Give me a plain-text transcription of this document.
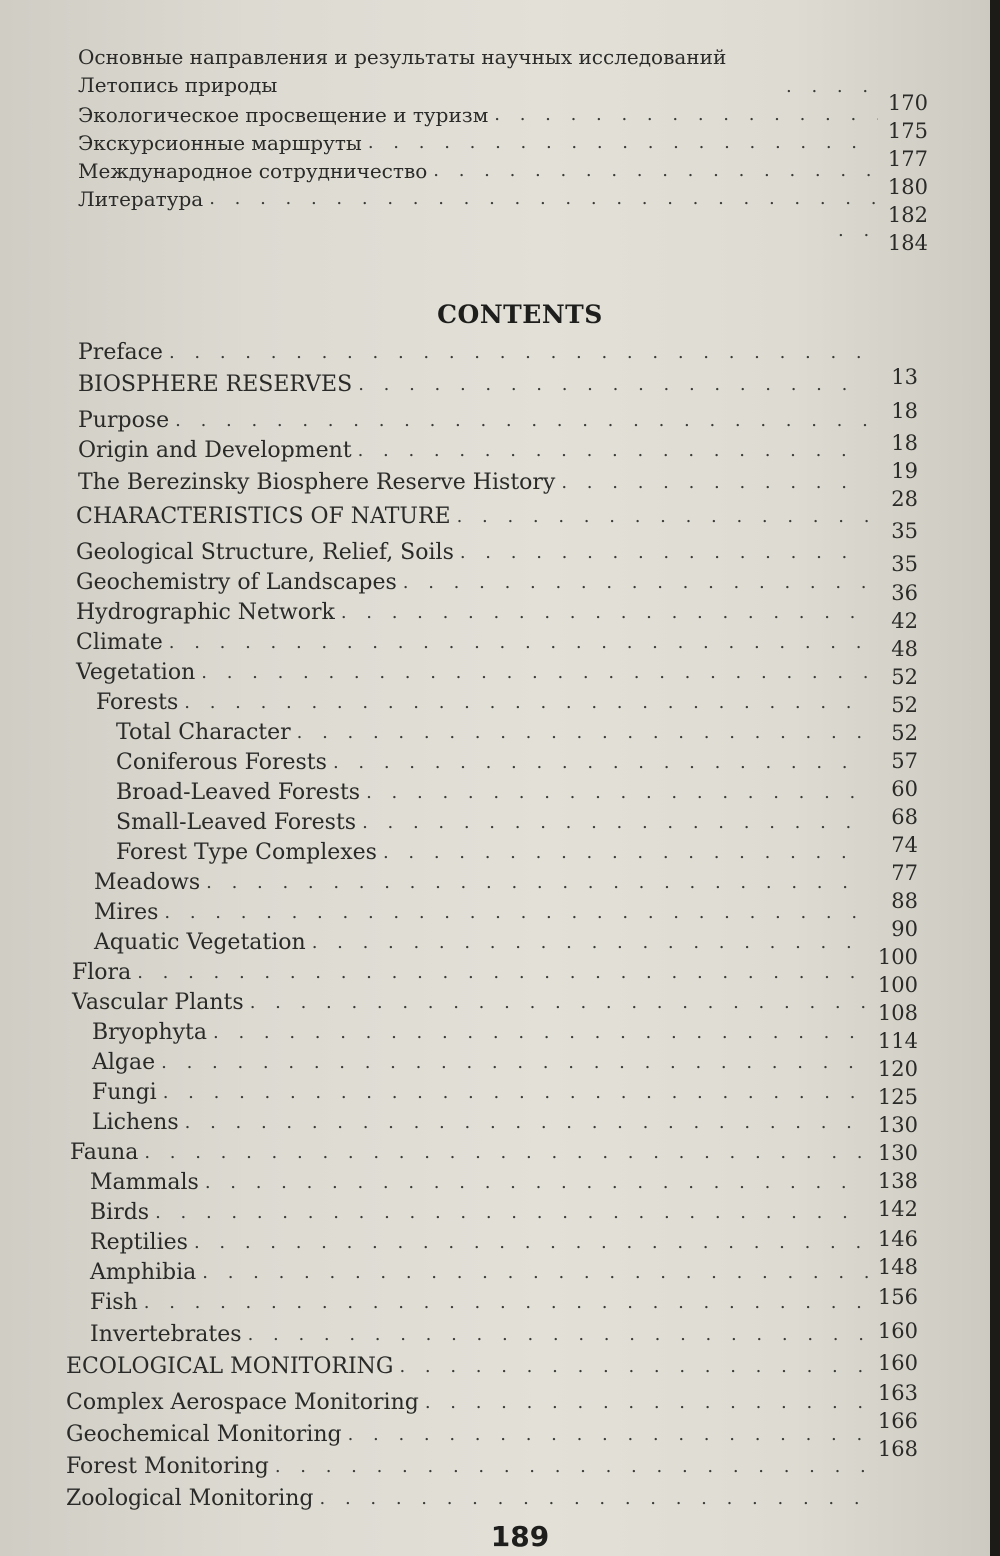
Основные направления и результаты научных исследований
Летопись природы
Экологическое просвещение и туризм
. . .
Экскурсионные маршруты
. . .
Международное сотрудничество
. . .
Литература
. . .
. . .
. . .
170
175
177
180
182
184
CONTENTS
Preface
. . .
BIOSPHERE RESERVES
. . .
Purpose
. . .
Origin and Development
. . .
The Berezinsky Biosphere Reserve History
. . .
CHARACTERISTICS OF NATURE
. . .
Geological Structure, Relief, Soils
. . .
Geochemistry of Landscapes
. . .
Hydrographic Network
. . .
Climate
. . .
Vegetation
. . .
Forests
. . .
Total Character
. . .
Coniferous Forests
. . .
Broad-Leaved Forests
. . .
Small-Leaved Forests
. . .
Forest Type Complexes
. . .
Meadows
. . .
Mires
. . .
Aquatic Vegetation
. . .
Flora
. . .
Vascular Plants
. . .
Bryophyta
. . .
Algae
. . .
Fungi
. . .
Lichens
. . .
Fauna
. . .
Mammals
. . .
Birds
. . .
Reptilies
. . .
Amphibia
. . .
Fish
. . .
Invertebrates
. . .
ECOLOGICAL MONITORING
. . .
Complex Aerospace Monitoring
. . .
Geochemical Monitoring
. . .
Forest Monitoring
. . .
Zoological Monitoring
. . .
13
18
18
19
28
35
35
36
42
48
52
52
52
57
60
68
74
77
88
90
100
100
108
114
120
125
130
130
138
142
146
148
156
160
160
163
166
168
189
